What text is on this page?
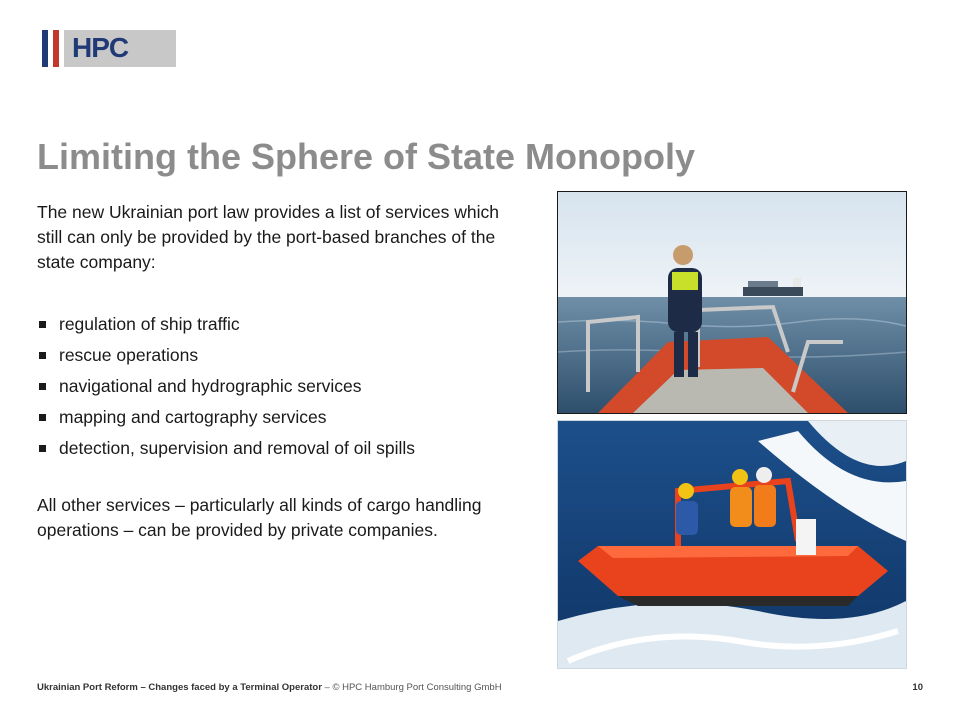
HPC
Limiting the Sphere of State Monopoly

The new Ukrainian port law provides a list of services which still can only be provided by the port-based branches of the state company:

regulation of ship traffic
rescue operations
navigational and hydrographic services
mapping and cartography services
detection, supervision and removal of oil spills

All other services – particularly all kinds of cargo handling operations – can be provided by private companies.

Ukrainian Port Reform – Changes faced by a Terminal Operator – © HPC Hamburg Port Consulting GmbH	10
